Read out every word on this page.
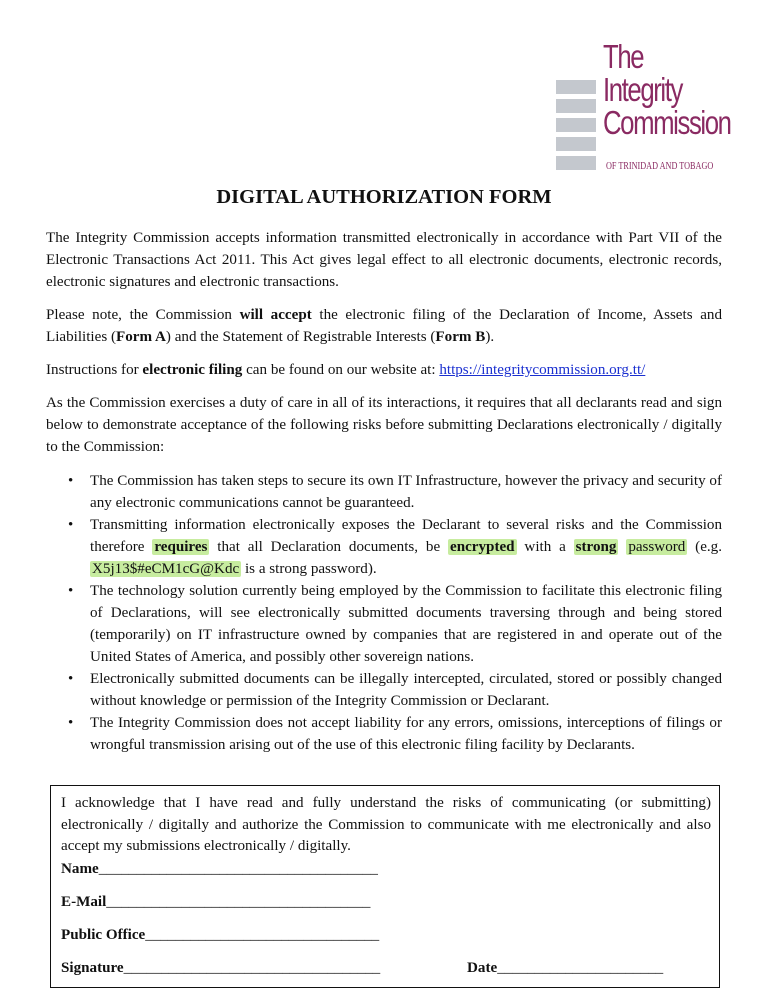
The
Integrity
Commission
OF TRINIDAD AND TOBAGO
DIGITAL AUTHORIZATION FORM

The Integrity Commission accepts information transmitted electronically in accordance with Part VII of the Electronic Transactions Act 2011. This Act gives legal effect to all electronic documents, electronic records, electronic signatures and electronic transactions.

Please note, the Commission will accept the electronic filing of the Declaration of Income, Assets and Liabilities (Form A) and the Statement of Registrable Interests (Form B).

Instructions for electronic filing can be found on our website at: https://integritycommission.org.tt/

As the Commission exercises a duty of care in all of its interactions, it requires that all declarants read and sign below to demonstrate acceptance of the following risks before submitting Declarations electronically / digitally to the Commission:

• The Commission has taken steps to secure its own IT Infrastructure, however the privacy and security of any electronic communications cannot be guaranteed.
• Transmitting information electronically exposes the Declarant to several risks and the Commission therefore requires that all Declaration documents, be encrypted with a strong password (e.g. X5j13$#eCM1cG@Kdc is a strong password).
• The technology solution currently being employed by the Commission to facilitate this electronic filing of Declarations, will see electronically submitted documents traversing through and being stored (temporarily) on IT infrastructure owned by companies that are registered in and operate out of the United States of America, and possibly other sovereign nations.
• Electronically submitted documents can be illegally intercepted, circulated, stored or possibly changed without knowledge or permission of the Integrity Commission or Declarant.
• The Integrity Commission does not accept liability for any errors, omissions, interceptions of filings or wrongful transmission arising out of the use of this electronic filing facility by Declarants.
I acknowledge that I have read and fully understand the risks of communicating (or submitting) electronically / digitally and authorize the Commission to communicate with me electronically and also accept my submissions electronically / digitally.
Name_____________________________________
E-Mail___________________________________
Public Office_______________________________
Signature__________________________________	Date______________________
